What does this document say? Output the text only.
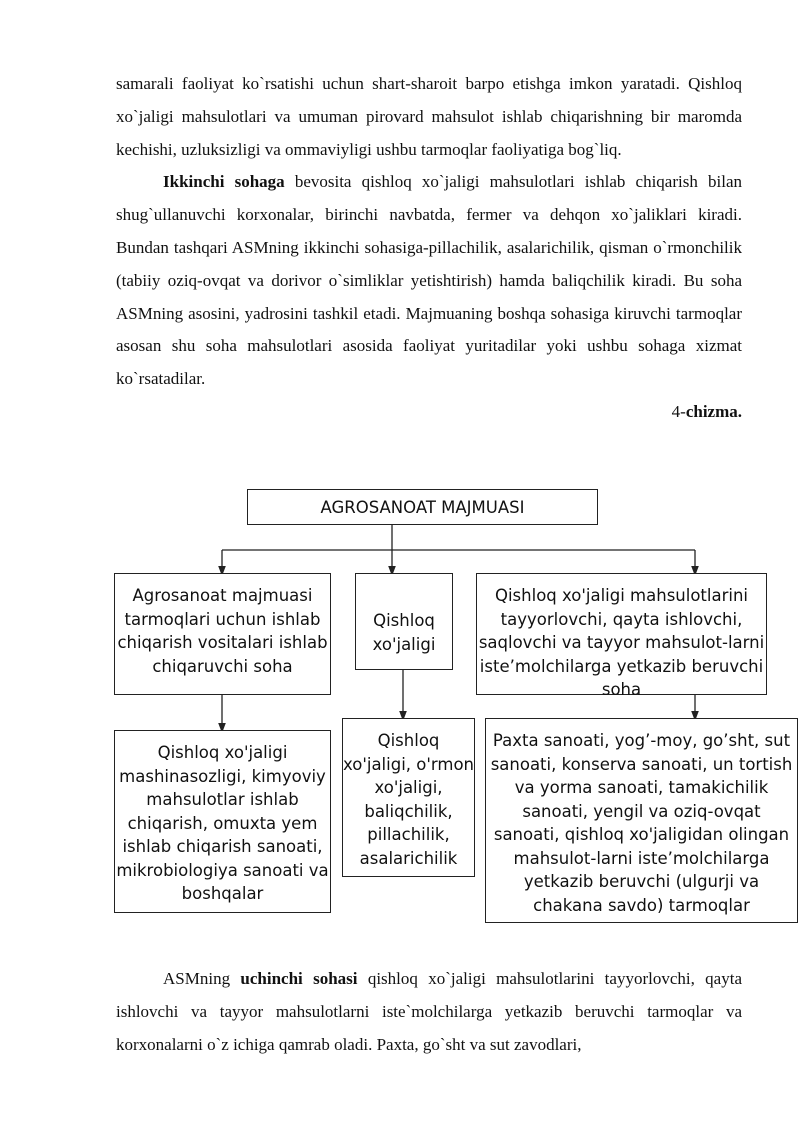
samarali faoliyat ko`rsatishi uchun shart-sharoit barpo etishga imkon yaratadi. Qishloq xo`jaligi mahsulotlari va umuman pirovard mahsulot ishlab chiqarishning bir maromda kechishi, uzluksizligi va ommaviyligi ushbu tarmoqlar faoliyatiga bog`liq.

Ikkinchi sohaga bevosita qishloq xo`jaligi mahsulotlari ishlab chiqarish bilan shug`ullanuvchi korxonalar, birinchi navbatda, fermer va dehqon xo`jaliklari kiradi. Bundan tashqari ASMning ikkinchi sohasiga-pillachilik, asalarichilik, qisman o`rmonchilik (tabiiy oziq-ovqat va dorivor o`simliklar yetishtirish) hamda baliqchilik kiradi. Bu soha ASMning asosini, yadrosini tashkil etadi. Majmuaning boshqa sohasiga kiruvchi tarmoqlar asosan shu soha mahsulotlari asosida faoliyat yuritadilar yoki ushbu sohaga xizmat ko`rsatadilar.

4-chizma.

AGROSANOAT MAJMUASI
Agrosanoat majmuasi tarmoqlari uchun ishlab chiqarish vositalari ishlab chiqaruvchi soha
Qishloq xo'jaligi
Qishloq xo'jaligi mahsulotlarini tayyorlovchi, qayta ishlovchi, saqlovchi va tayyor mahsulot-larni iste’molchilarga yetkazib beruvchi soha
Qishloq xo'jaligi mashinasozligi, kimyoviy mahsulotlar ishlab chiqarish, omuxta yem ishlab chiqarish sanoati, mikrobiologiya sanoati va boshqalar
Qishloq xo'jaligi, o'rmon xo'jaligi, baliqchilik, pillachilik, asalarichilik
Paxta sanoati, yog’-moy, go’sht, sut sanoati, konserva sanoati, un tortish va yorma sanoati, tamakichilik sanoati, yengil va oziq-ovqat sanoati, qishloq xo'jaligidan olingan mahsulot-larni iste’molchilarga yetkazib beruvchi (ulgurji va chakana savdo) tarmoqlar

ASMning uchinchi sohasi qishloq xo`jaligi mahsulotlarini tayyorlovchi, qayta ishlovchi va tayyor mahsulotlarni iste`molchilarga yetkazib beruvchi tarmoqlar va korxonalarni o`z ichiga qamrab oladi. Paxta, go`sht va sut zavodlari,
